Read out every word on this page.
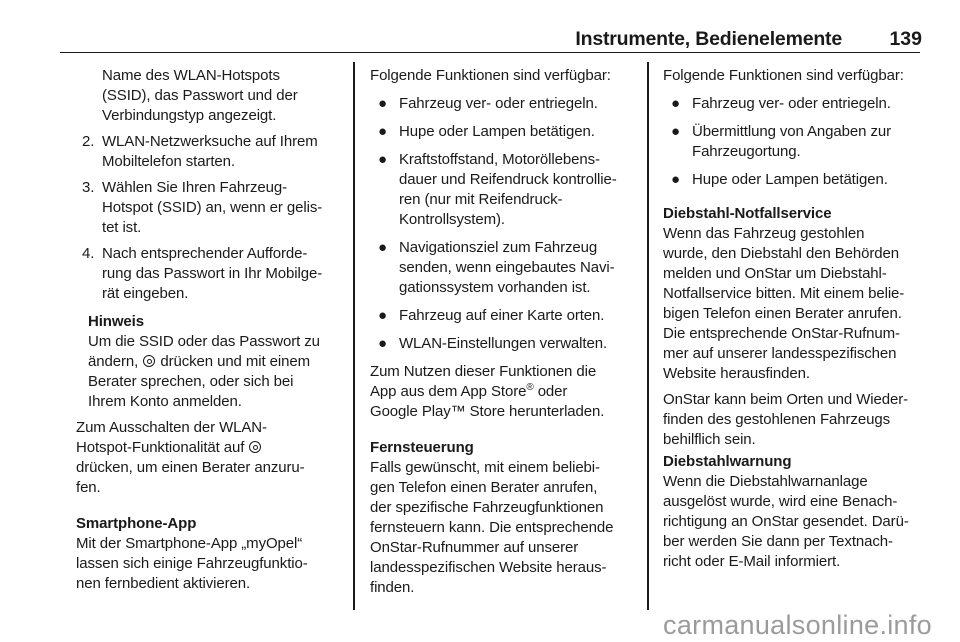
Instrumente, Bedienelemente 139

Name des WLAN-Hotspots

(SSID), das Passwort und der

Verbindungstyp angezeigt.

2. WLAN-Netzwerksuche auf Ihrem

Mobiltelefon starten.

3. Wählen Sie Ihren Fahrzeug-

Hotspot (SSID) an, wenn er gelis‐

tet ist.

4. Nach entsprechender Aufforde‐

rung das Passwort in Ihr Mobilge‐

rät eingeben.

Hinweis

Um die SSID oder das Passwort zu

ändern, drücken und mit einem

Berater sprechen, oder sich bei

Ihrem Konto anmelden.

Zum Ausschalten der WLAN-

Hotspot-Funktionalität auf

drücken, um einen Berater anzuru‐

fen.

Smartphone-App

Mit der Smartphone-App „myOpel“

lassen sich einige Fahrzeugfunktio‐

nen fernbedient aktivieren.

Folgende Funktionen sind verfügbar:

● Fahrzeug ver- oder entriegeln.

● Hupe oder Lampen betätigen.

● Kraftstoffstand, Motoröllebens‐

dauer und Reifendruck kontrollie‐

ren (nur mit Reifendruck-

Kontrollsystem).

● Navigationsziel zum Fahrzeug

senden, wenn eingebautes Navi‐

gationssystem vorhanden ist.

● Fahrzeug auf einer Karte orten.

● WLAN-Einstellungen verwalten.

Zum Nutzen dieser Funktionen die

App aus dem App Store® oder

Google Play™ Store herunterladen.

Fernsteuerung

Falls gewünscht, mit einem beliebi‐

gen Telefon einen Berater anrufen,

der spezifische Fahrzeugfunktionen

fernsteuern kann. Die entsprechende

OnStar-Rufnummer auf unserer

landesspezifischen Website heraus‐

finden.

Folgende Funktionen sind verfügbar:

● Fahrzeug ver- oder entriegeln.

● Übermittlung von Angaben zur

Fahrzeugortung.

● Hupe oder Lampen betätigen.

Diebstahl-Notfallservice

Wenn das Fahrzeug gestohlen

wurde, den Diebstahl den Behörden

melden und OnStar um Diebstahl-

Notfallservice bitten. Mit einem belie‐

bigen Telefon einen Berater anrufen.

Die entsprechende OnStar-Rufnum‐

mer auf unserer landesspezifischen

Website herausfinden.

OnStar kann beim Orten und Wieder‐

finden des gestohlenen Fahrzeugs

behilflich sein.

Diebstahlwarnung

Wenn die Diebstahlwarnanlage

ausgelöst wurde, wird eine Benach‐

richtigung an OnStar gesendet. Darü‐

ber werden Sie dann per Textnach‐

richt oder E-Mail informiert.

carmanualsonline.info
